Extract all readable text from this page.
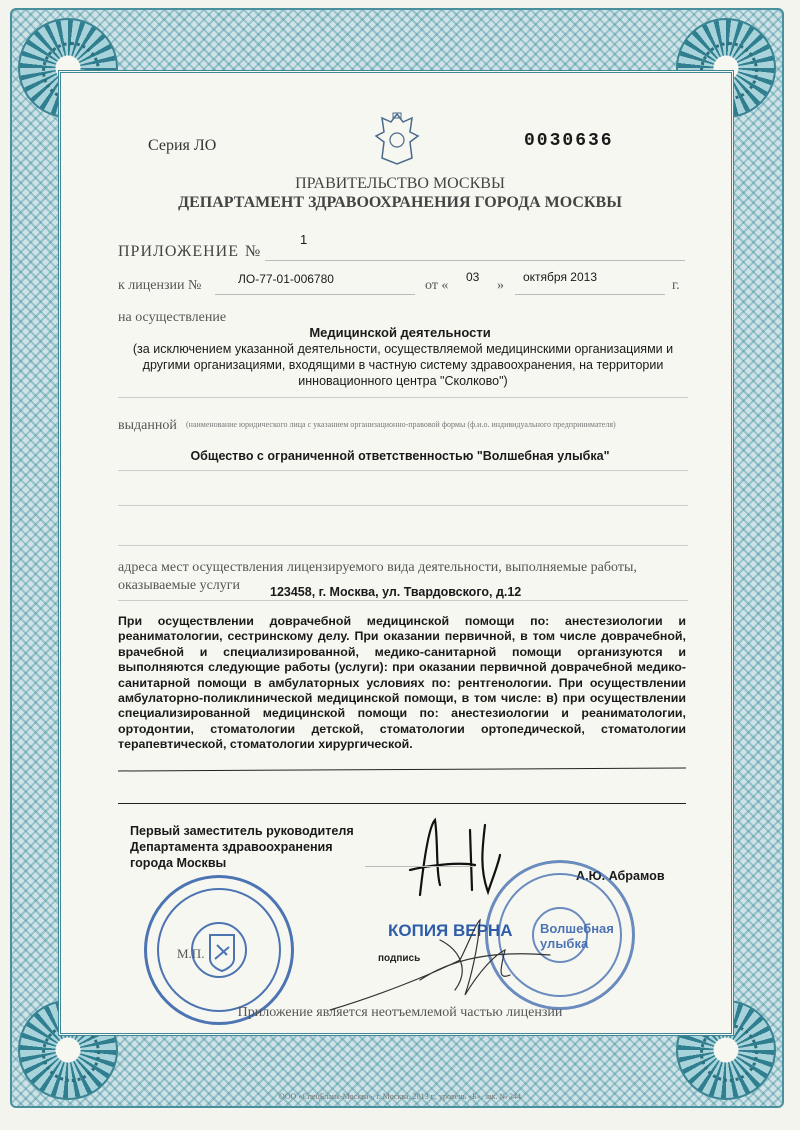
Серия ЛО	0030636
ПРАВИТЕЛЬСТВО МОСКВЫ
ДЕПАРТАМЕНТ ЗДРАВООХРАНЕНИЯ ГОРОДА МОСКВЫ
ПРИЛОЖЕНИЕ №
1
к лицензии №	ЛО-77-01-006780	от «
03
»
октября 2013
г.
на осуществление
Медицинской деятельности
(за исключением указанной деятельности, осуществляемой медицинскими организациями и другими организациями, входящими в частную систему здравоохранения, на территории инновационного центра "Сколково")
выданной (наименование юридического лица с указанием организационно-правовой формы (ф.и.о. индивидуального предпринимателя)
Общество с ограниченной ответственностью "Волшебная улыбка"
адреса мест осуществления лицензируемого вида деятельности, выполняемые работы,
оказываемые услуги 123458, г. Москва, ул. Твардовского, д.12
При осуществлении доврачебной медицинской помощи по: анестезиологии и реаниматологии, сестринскому делу. При оказании первичной, в том числе доврачебной, врачебной и специализированной, медико-санитарной помощи организуются и выполняются следующие работы (услуги): при оказании первичной доврачебной медико-санитарной помощи в амбулаторных условиях по: рентгенологии. При осуществлении амбулаторно-поликлинической медицинской помощи, в том числе: в) при осуществлении специализированной медицинской помощи по: анестезиологии и реаниматологии, ортодонтии, стоматологии детской, стоматологии ортопедической, стоматологии терапевтической, стоматологии хирургической.
Первый заместитель руководителя Департамента здравоохранения города Москвы
А.Ю. Абрамов
М.П.
Волшебная улыбка
КОПИЯ ВЕРНА
подпись
Приложение является неотъемлемой частью лицензии
ООО «СпецБланк-Москва», г. Москва, 2013 г., уровень «Б», зак. № 244
